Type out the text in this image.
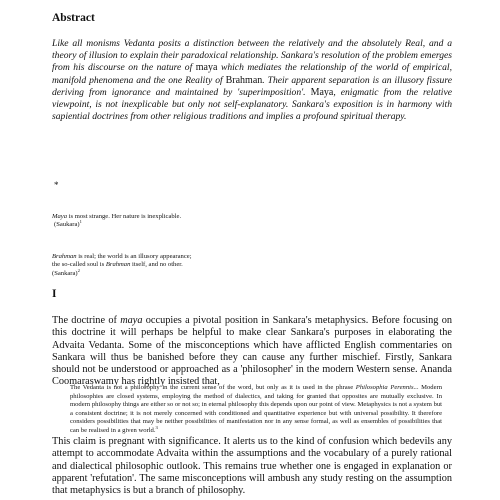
Abstract

Like all monisms Vedanta posits a distinction between the relatively and the absolutely Real, and a theory of illusion to explain their paradoxical relationship. Sankara's resolution of the problem emerges from his discourse on the nature of maya which mediates the relationship of the world of empirical, manifold phenomena and the one Reality of Brahman. Their apparent separation is an illusory fissure deriving from ignorance and maintained by 'superimposition'. Maya, enigmatic from the relative viewpoint, is not inexplicable but only not self-explanatory. Sankara's exposition is in harmony with sapiential doctrines from other religious traditions and implies a profound spiritual therapy.

*

Maya is most strange. Her nature is inexplicable.
(Saukara)$^1$

Brahman is real; the world is an illusory appearance;
the so-called soul is Brahman itself, and no other.
(Sankara)$^2$

I

The doctrine of maya occupies a pivotal position in Sankara's metaphysics. Before focusing on this doctrine it will perhaps be helpful to make clear Sankara's purposes in elaborating the Advaita Vedanta. Some of the misconceptions which have afflicted English commentaries on Sankara will thus be banished before they can cause any further mischief. Firstly, Sankara should not be understood or approached as a 'philosopher' in the modern Western sense. Ananda Coomaraswamy has rightly insisted that,

The Vedanta is not a philosophy in the current sense of the word, but only as it is used in the phrase Philosophia Perennis... Modern philosophies are closed systems, employing the method of dialectics, and taking for granted that opposites are mutually exclusive. In modern philosophy things are either so or not so; in eternal philosophy this depends upon our point of view. Metaphysics is not a system but a consistent doctrine; it is not merely concerned with conditioned and quantitative experience but with universal possibility. It therefore considers possibilities that may be neither possibilities of manifestation nor in any sense formal, as well as ensembles of possibilities that can be realised in a given world.$^3$

This claim is pregnant with significance. It alerts us to the kind of confusion which bedevils any attempt to accommodate Advaita within the assumptions and the vocabulary of a purely rational and dialectical philosophic outlook. This remains true whether one is engaged in explanation or apparent 'refutation'. The same misconceptions will ambush any study resting on the assumption that metaphysics is but a branch of philosophy.
